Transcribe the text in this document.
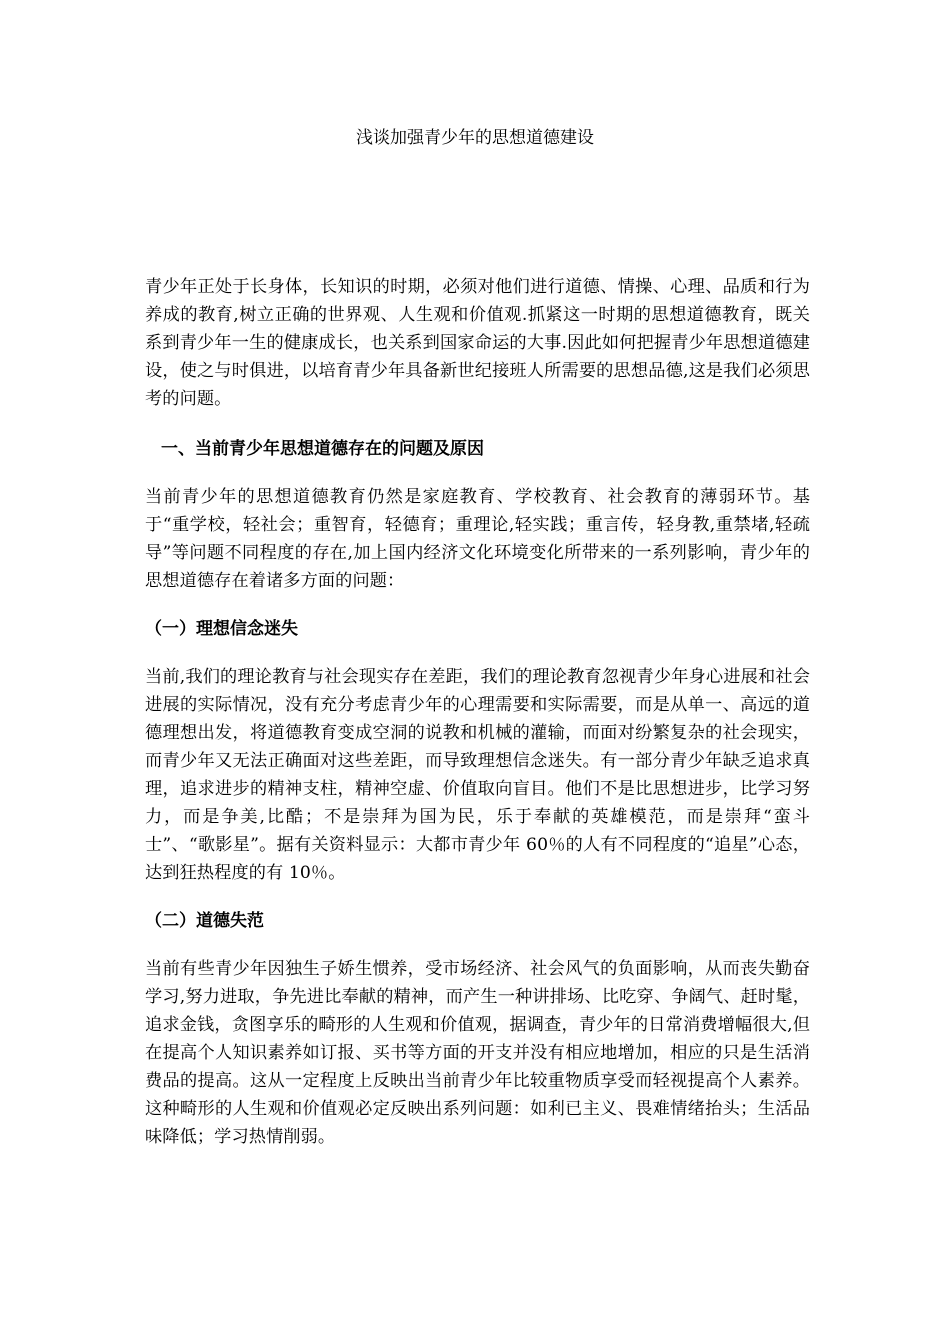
浅谈加强青少年的思想道德建设

青少年正处于长身体，长知识的时期，必须对他们进行道德、情操、心理、品质和行为养成的教育,树立正确的世界观、人生观和价值观.抓紧这一时期的思想道德教育，既关系到青少年一生的健康成长，也关系到国家命运的大事.因此如何把握青少年思想道德建设，使之与时俱进，以培育青少年具备新世纪接班人所需要的思想品德,这是我们必须思考的问题。

一、当前青少年思想道德存在的问题及原因

当前青少年的思想道德教育仍然是家庭教育、学校教育、社会教育的薄弱环节。基于“重学校，轻社会；重智育，轻德育；重理论,轻实践；重言传，轻身教,重禁堵,轻疏导”等问题不同程度的存在,加上国内经济文化环境变化所带来的一系列影响，青少年的思想道德存在着诸多方面的问题：

（一）理想信念迷失

当前,我们的理论教育与社会现实存在差距，我们的理论教育忽视青少年身心进展和社会进展的实际情况，没有充分考虑青少年的心理需要和实际需要，而是从单一、高远的道德理想出发，将道德教育变成空洞的说教和机械的灌输，而面对纷繁复杂的社会现实，而青少年又无法正确面对这些差距，而导致理想信念迷失。有一部分青少年缺乏追求真理，追求进步的精神支柱，精神空虚、价值取向盲目。他们不是比思想进步，比学习努力，而是争美,比酷；不是崇拜为国为民，乐于奉献的英雄模范，而是崇拜“蛮斗士”、“歌影星”。据有关资料显示：大都市青少年 60％的人有不同程度的“追星”心态，达到狂热程度的有 10％。

（二）道德失范

当前有些青少年因独生子娇生惯养，受市场经济、社会风气的负面影响，从而丧失勤奋学习,努力进取，争先进比奉献的精神，而产生一种讲排场、比吃穿、争阔气、赶时髦，追求金钱，贪图享乐的畸形的人生观和价值观，据调查，青少年的日常消费增幅很大,但在提高个人知识素养如订报、买书等方面的开支并没有相应地增加，相应的只是生活消费品的提高。这从一定程度上反映出当前青少年比较重物质享受而轻视提高个人素养。这种畸形的人生观和价值观必定反映出系列问题：如利已主义、畏难情绪抬头；生活品味降低；学习热情削弱。
